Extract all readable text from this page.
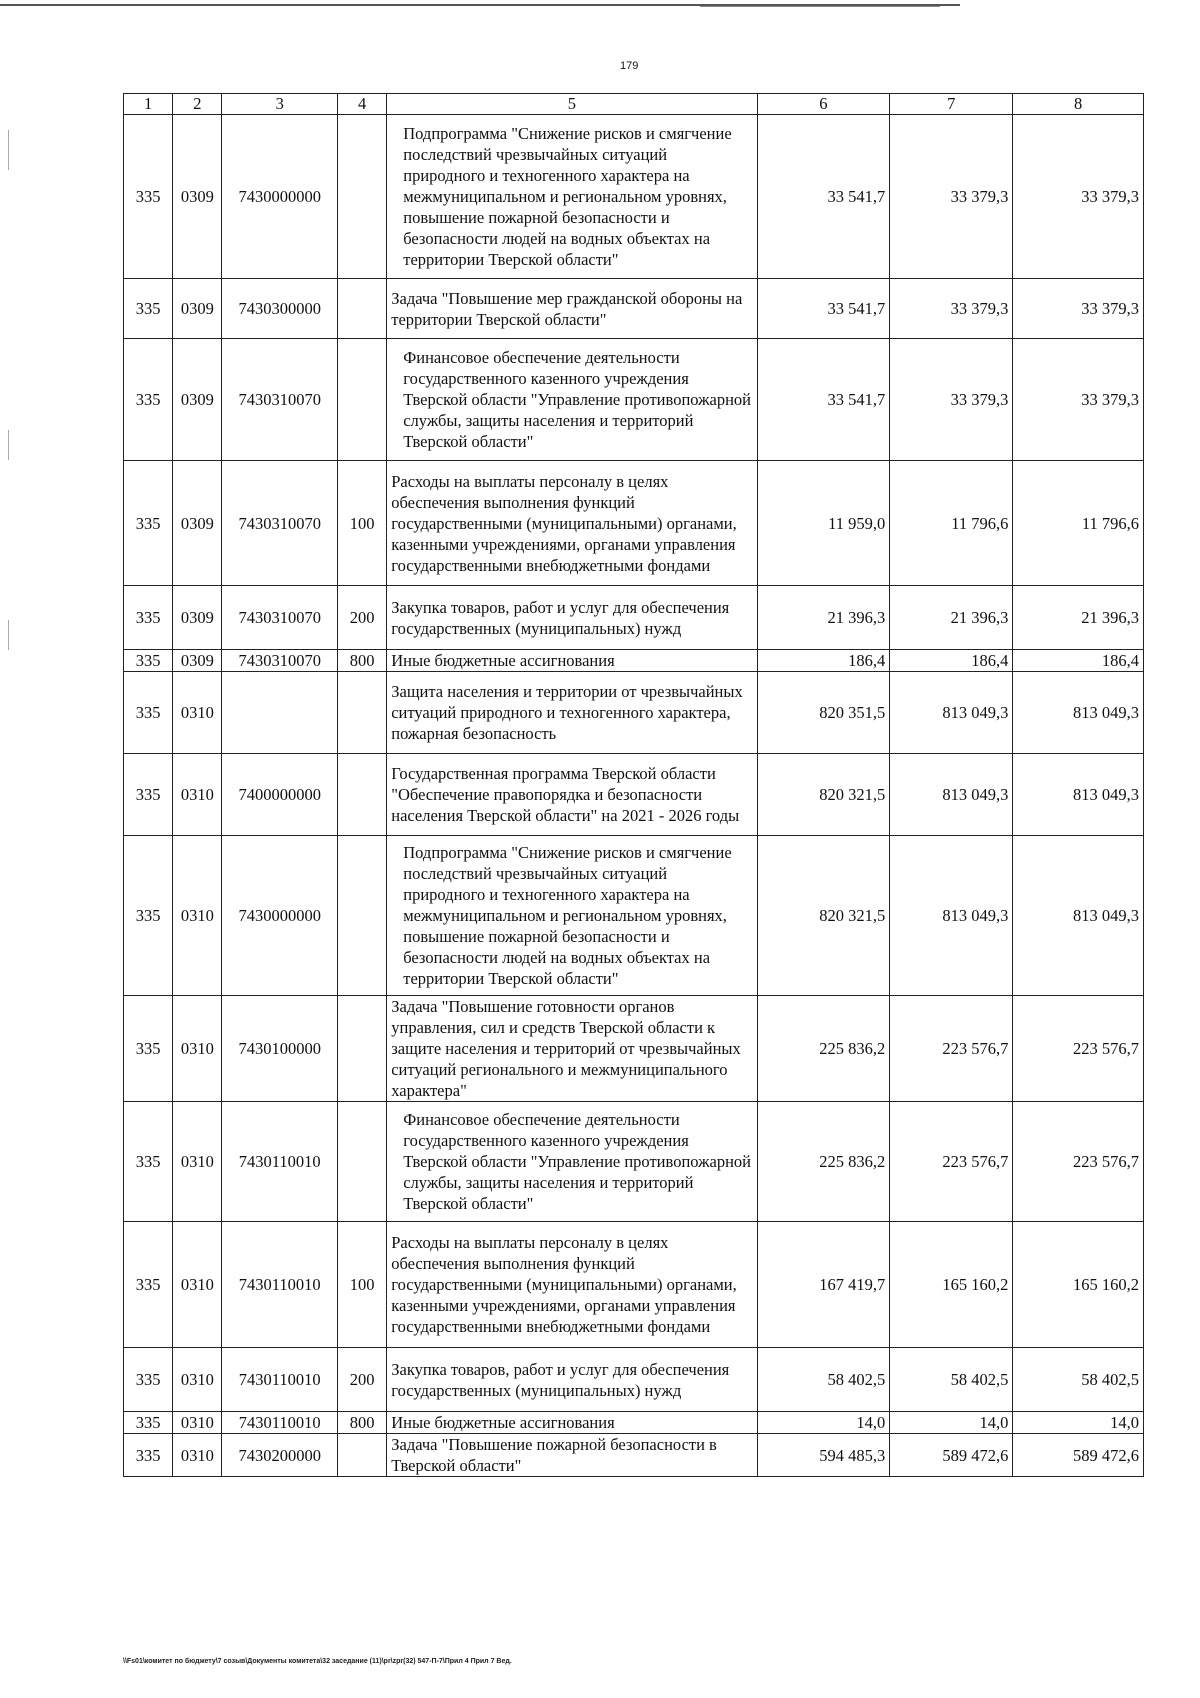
179
1	2	3	4	5	6	7	8
335	0309	7430000000		Подпрограмма "Снижение рисков и смягчение последствий чрезвычайных ситуаций природного и техногенного характера на межмуниципальном и региональном уровнях, повышение пожарной безопасности и безопасности людей на водных объектах на территории Тверской области"	33 541,7	33 379,3	33 379,3
335	0309	7430300000		Задача "Повышение мер гражданской обороны на территории Тверской области"	33 541,7	33 379,3	33 379,3
335	0309	7430310070		Финансовое обеспечение деятельности государственного казенного учреждения Тверской области "Управление противопожарной службы, защиты населения и территорий Тверской области"	33 541,7	33 379,3	33 379,3
335	0309	7430310070	100	Расходы на выплаты персоналу в целях обеспечения выполнения функций государственными (муниципальными) органами, казенными учреждениями, органами управления государственными внебюджетными фондами	11 959,0	11 796,6	11 796,6
335	0309	7430310070	200	Закупка товаров, работ и услуг для обеспечения государственных (муниципальных) нужд	21 396,3	21 396,3	21 396,3
335	0309	7430310070	800	Иные бюджетные ассигнования	186,4	186,4	186,4
335	0310			Защита населения и территории от чрезвычайных ситуаций природного и техногенного характера, пожарная безопасность	820 351,5	813 049,3	813 049,3
335	0310	7400000000		Государственная программа Тверской области "Обеспечение правопорядка и безопасности населения Тверской области" на 2021 - 2026 годы	820 321,5	813 049,3	813 049,3
335	0310	7430000000		Подпрограмма "Снижение рисков и смягчение последствий чрезвычайных ситуаций природного и техногенного характера на межмуниципальном и региональном уровнях, повышение пожарной безопасности и безопасности людей на водных объектах на территории Тверской области"	820 321,5	813 049,3	813 049,3
335	0310	7430100000		Задача "Повышение готовности органов управления, сил и средств Тверской области к защите населения и территорий от чрезвычайных ситуаций регионального и межмуниципального характера"	225 836,2	223 576,7	223 576,7
335	0310	7430110010		Финансовое обеспечение деятельности государственного казенного учреждения Тверской области "Управление противопожарной службы, защиты населения и территорий Тверской области"	225 836,2	223 576,7	223 576,7
335	0310	7430110010	100	Расходы на выплаты персоналу в целях обеспечения выполнения функций государственными (муниципальными) органами, казенными учреждениями, органами управления государственными внебюджетными фондами	167 419,7	165 160,2	165 160,2
335	0310	7430110010	200	Закупка товаров, работ и услуг для обеспечения государственных (муниципальных) нужд	58 402,5	58 402,5	58 402,5
335	0310	7430110010	800	Иные бюджетные ассигнования	14,0	14,0	14,0
335	0310	7430200000		Задача "Повышение пожарной безопасности в Тверской области"	594 485,3	589 472,6	589 472,6
\\Fs01\комитет по бюджету\7 созыв\Документы комитета\32 заседание (11)\pr\zpr(32) 547-П-7\Прил 4 Прил 7 Вед.
